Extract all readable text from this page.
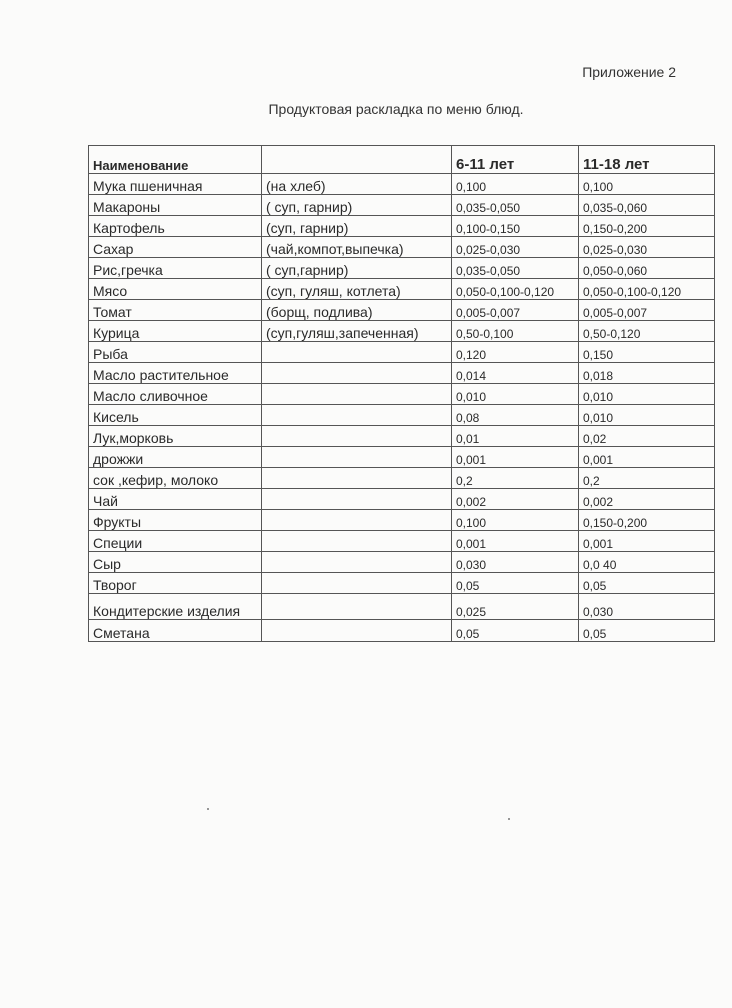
Приложение 2
Продуктовая раскладка по меню блюд.
Наименование		6-11 лет	11-18 лет
Мука пшеничная	(на хлеб)	0,100	0,100
Макароны	( суп, гарнир)	0,035-0,050	0,035-0,060
Картофель	(суп, гарнир)	0,100-0,150	0,150-0,200
Сахар	(чай,компот,выпечка)	0,025-0,030	0,025-0,030
Рис,гречка	( суп,гарнир)	0,035-0,050	0,050-0,060
Мясо	(суп, гуляш, котлета)	0,050-0,100-0,120	0,050-0,100-0,120
Томат	(борщ, подлива)	0,005-0,007	0,005-0,007
Курица	(суп,гуляш,запеченная)	0,50-0,100	0,50-0,120
Рыба		0,120	0,150
Масло растительное		0,014	0,018
Масло сливочное		0,010	0,010
Кисель		0,08	0,010
Лук,морковь		0,01	0,02
дрожжи		0,001	0,001
сок ,кефир, молоко		0,2	0,2
Чай		0,002	0,002
Фрукты		0,100	0,150-0,200
Специи		0,001	0,001
Сыр		0,030	0,0 40
Творог		0,05	0,05
Кондитерские изделия		0,025	0,030
Сметана		0,05	0,05
